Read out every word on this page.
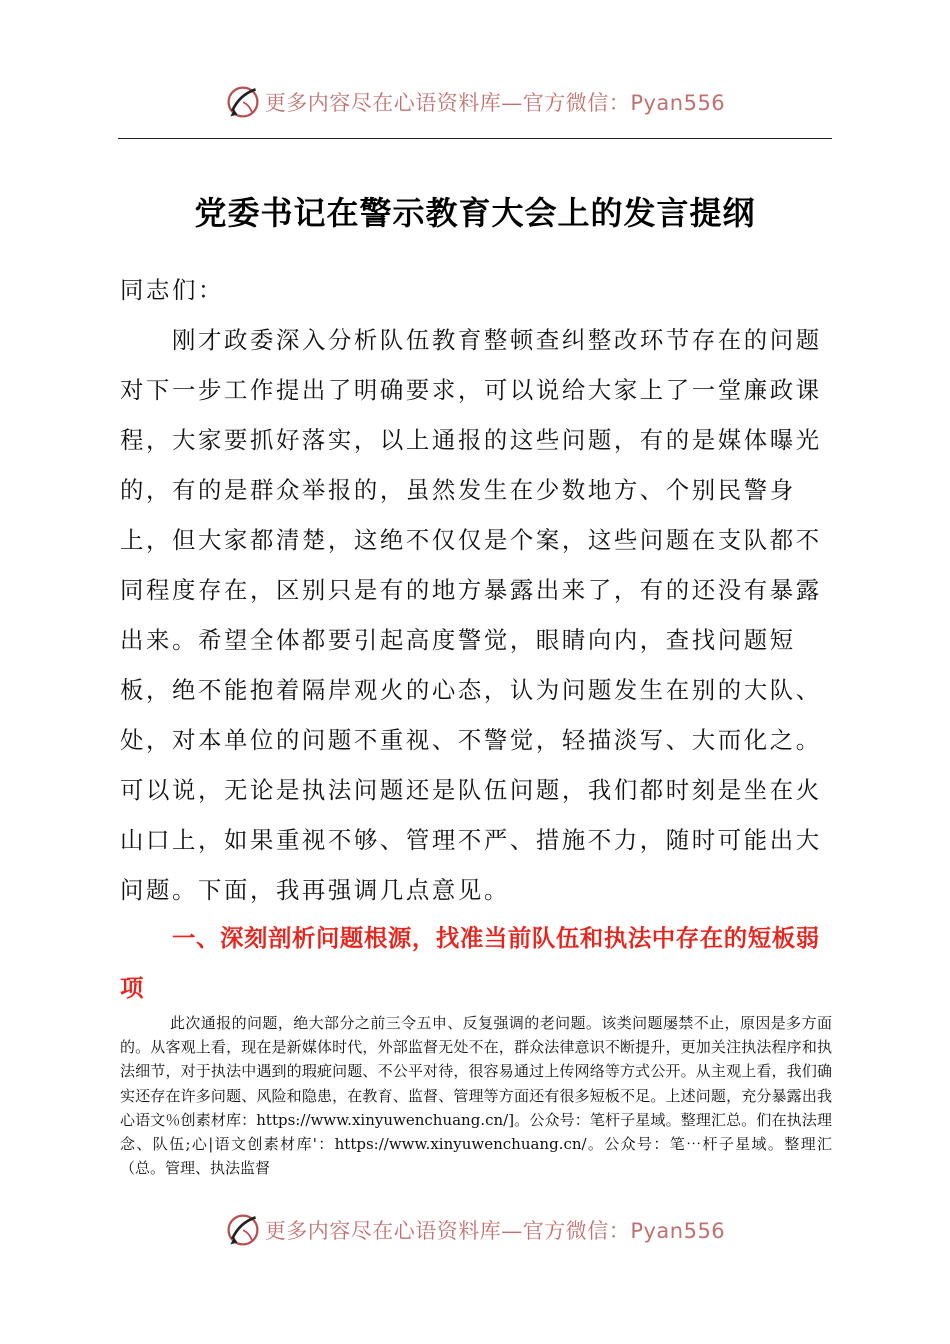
更多内容尽在心语资料库—官方微信：Pyan556
党委书记在警示教育大会上的发言提纲

同志们：

刚才政委深入分析队伍教育整顿查纠整改环节存在的问题对下一步工作提出了明确要求，可以说给大家上了一堂廉政课程，大家要抓好落实，以上通报的这些问题，有的是媒体曝光的，有的是群众举报的，虽然发生在少数地方、个别民警身上，但大家都清楚，这绝不仅仅是个案，这些问题在支队都不同程度存在，区别只是有的地方暴露出来了，有的还没有暴露出来。希望全体都要引起高度警觉，眼睛向内，查找问题短板，绝不能抱着隔岸观火的心态，认为问题发生在别的大队、处，对本单位的问题不重视、不警觉，轻描淡写、大而化之。可以说，无论是执法问题还是队伍问题，我们都时刻是坐在火山口上，如果重视不够、管理不严、措施不力，随时可能出大问题。下面，我再强调几点意见。

一、深刻剖析问题根源，找准当前队伍和执法中存在的短板弱项

此次通报的问题，绝大部分之前三令五申、反复强调的老问题。该类问题屡禁不止，原因是多方面的。从客观上看，现在是新媒体时代，外部监督无处不在，群众法律意识不断提升，更加关注执法程序和执法细节，对于执法中遇到的瑕疵问题、不公平对待，很容易通过上传网络等方式公开。从主观上看，我们确实还存在许多问题、风险和隐患，在教育、监督、管理等方面还有很多短板不足。上述问题，充分暴露出我心语文％创素材库：https://www.xinyuwenchuang.cn/]。公众号：笔杆子星域。整理汇总。们在执法理念、队伍;心|语文创素材库'：https://www.xinyuwenchuang.cn/。公众号：笔⋯杆子星域。整理汇（总。管理、执法监督

更多内容尽在心语资料库—官方微信：Pyan556
